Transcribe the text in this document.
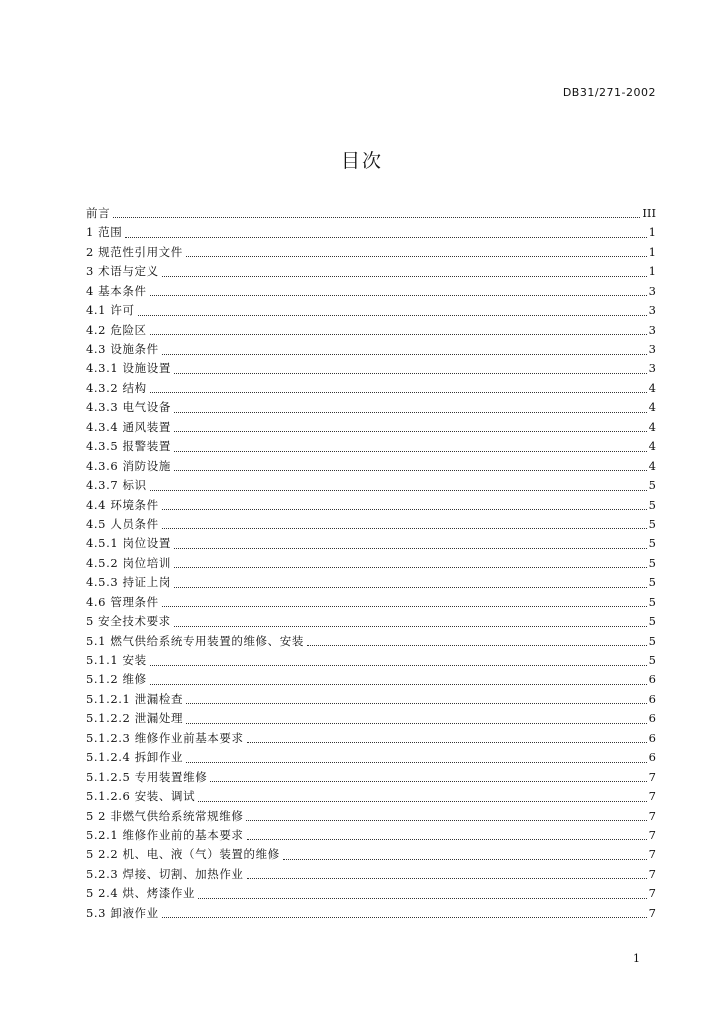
DB31/271-2002
目次
前言	III
1 范围	1
2 规范性引用文件	1
3 术语与定义	1
4 基本条件	3
4.1 许可	3
4.2 危险区	3
4.3 设施条件	3
4.3.1 设施设置	3
4.3.2 结构	4
4.3.3 电气设备	4
4.3.4 通风装置	4
4.3.5 报警装置	4
4.3.6 消防设施	4
4.3.7 标识	5
4.4 环境条件	5
4.5 人员条件	5
4.5.1 岗位设置	5
4.5.2 岗位培训	5
4.5.3 持证上岗	5
4.6 管理条件	5
5 安全技术要求	5
5.1 燃气供给系统专用装置的维修、安装	5
5.1.1 安装	5
5.1.2 维修	6
5.1.2.1 泄漏检查	6
5.1.2.2 泄漏处理	6
5.1.2.3 维修作业前基本要求	6
5.1.2.4 拆卸作业	6
5.1.2.5 专用装置维修	7
5.1.2.6 安装、调试	7
5 2 非燃气供给系统常规维修	7
5.2.1 维修作业前的基本要求	7
5 2.2 机、电、液（气）装置的维修	7
5.2.3 焊接、切割、加热作业	7
5 2.4 烘、烤漆作业	7
5.3 卸液作业	7
1
